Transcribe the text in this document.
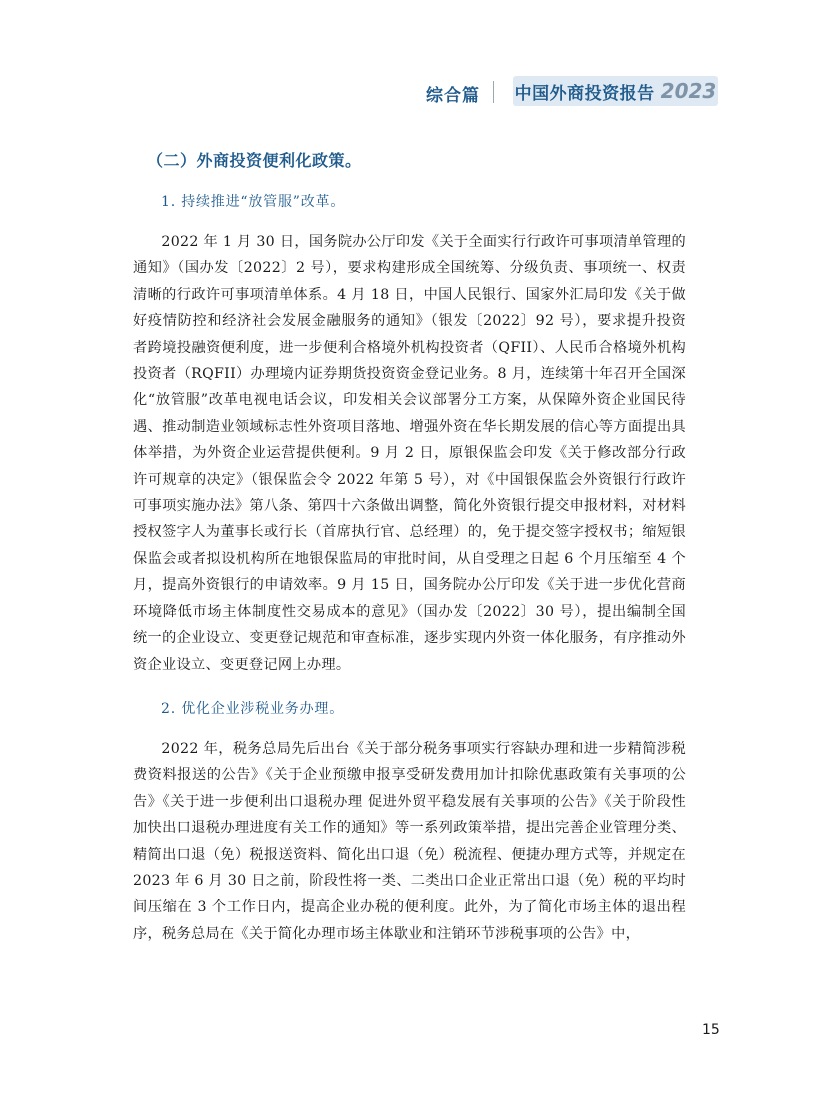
综合篇 中国外商投资报告 2023
（二）外商投资便利化政策。
1. 持续推进“放管服”改革。

2022 年 1 月 30 日，国务院办公厅印发《关于全面实行行政许可事项清单管理的通知》（国办发〔2022〕2 号），要求构建形成全国统筹、分级负责、事项统一、权责清晰的行政许可事项清单体系。4 月 18 日，中国人民银行、国家外汇局印发《关于做好疫情防控和经济社会发展金融服务的通知》（银发〔2022〕92 号），要求提升投资者跨境投融资便利度，进一步便利合格境外机构投资者（QFII）、人民币合格境外机构投资者（RQFII）办理境内证券期货投资资金登记业务。8 月，连续第十年召开全国深化“放管服”改革电视电话会议，印发相关会议部署分工方案，从保障外资企业国民待遇、推动制造业领域标志性外资项目落地、增强外资在华长期发展的信心等方面提出具体举措，为外资企业运营提供便利。9 月 2 日，原银保监会印发《关于修改部分行政许可规章的决定》（银保监会令 2022 年第 5 号），对《中国银保监会外资银行行政许可事项实施办法》第八条、第四十六条做出调整，简化外资银行提交申报材料，对材料授权签字人为董事长或行长（首席执行官、总经理）的，免于提交签字授权书；缩短银保监会或者拟设机构所在地银保监局的审批时间，从自受理之日起 6 个月压缩至 4 个月，提高外资银行的申请效率。9 月 15 日，国务院办公厅印发《关于进一步优化营商环境降低市场主体制度性交易成本的意见》（国办发〔2022〕30 号），提出编制全国统一的企业设立、变更登记规范和审查标准，逐步实现内外资一体化服务，有序推动外资企业设立、变更登记网上办理。

2. 优化企业涉税业务办理。

2022 年，税务总局先后出台《关于部分税务事项实行容缺办理和进一步精简涉税费资料报送的公告》《关于企业预缴申报享受研发费用加计扣除优惠政策有关事项的公告》《关于进一步便利出口退税办理 促进外贸平稳发展有关事项的公告》《关于阶段性加快出口退税办理进度有关工作的通知》等一系列政策举措，提出完善企业管理分类、精简出口退（免）税报送资料、简化出口退（免）税流程、便捷办理方式等，并规定在 2023 年 6 月 30 日之前，阶段性将一类、二类出口企业正常出口退（免）税的平均时间压缩在 3 个工作日内，提高企业办税的便利度。此外，为了简化市场主体的退出程序，税务总局在《关于简化办理市场主体歇业和注销环节涉税事项的公告》中，

15
